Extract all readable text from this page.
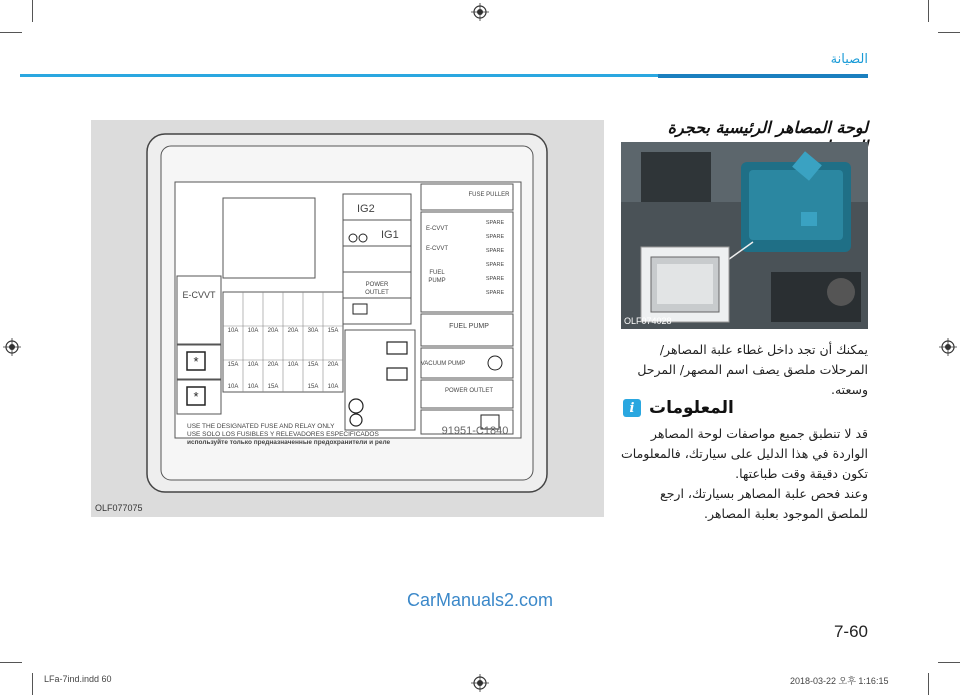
الصيانة
لوحة المصاهر الرئيسية بحجرة
OLF074028
يمكنك أن تجد داخل غطاء علبة المصاهر/ المرحلات ملصق يصف اسم المصهر/ المرحل وسعته.
i المعلومات
قد لا تنطبق جميع مواصفات لوحة المصاهر الواردة في هذا الدليل على سيارتك، فالمعلومات تكون دقيقة وقت طباعتها.
وعند فحص علبة المصاهر بسيارتك، ارجع للملصق الموجود بعلبة المصاهر.
E-CVVT
*
*
10A 10A 20A 20A 30A 15A
15A 10A 20A 10A 15A 20A
10A 10A 15A	15A 10A
IG2
IG1
POWER
OUTLET
FUSE PULLER
SPARE
SPARE
SPARE
SPARE
SPARE
SPARE
E-CVVT
E-CVVT
FUEL
PUMP
FUEL PUMP
VACUUM PUMP
POWER OUTLET
USE THE DESIGNATED FUSE AND RELAY ONLY
USE SOLO LOS FUSIBLES Y RELEVADORES ESPECIFICADOS
используйте только предназначенные предохранители и реле
91951-C1840
OLF077075
CarManuals2.com
7-60
LFa-7ind.indd 60	2018-03-22 오후 1:16:15
